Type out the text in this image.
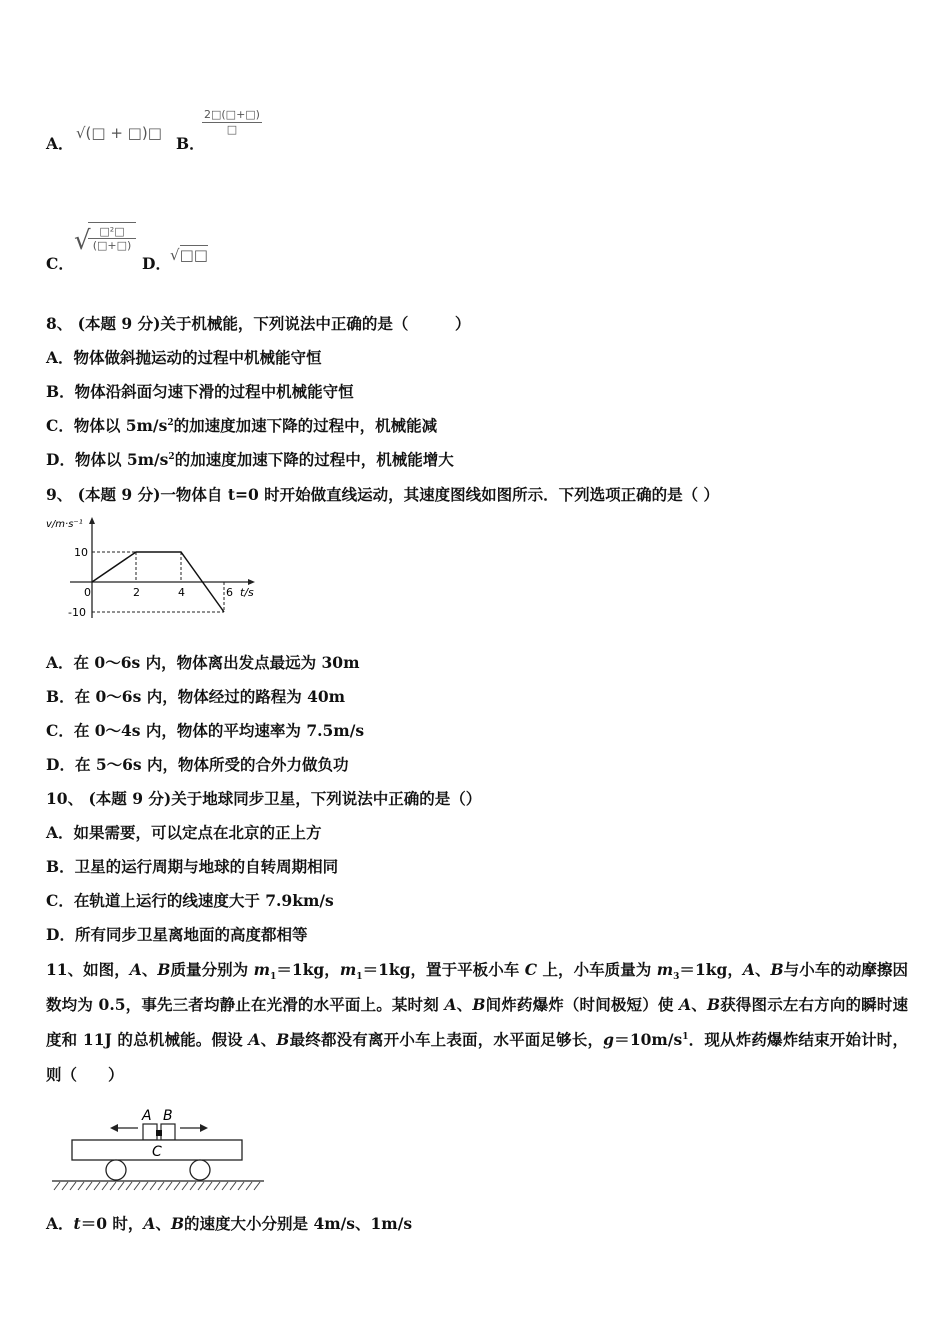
A．
√(□ + □)□
B．
2□(□+□)
□
C．
√ □²□
(□+□)
D． √□□
8、 (本题 9 分)关于机械能，下列说法中正确的是（　　　）
A．物体做斜抛运动的过程中机械能守恒
B．物体沿斜面匀速下滑的过程中机械能守恒
C．物体以 $5m/s^2$的加速度加速下降的过程中，机械能减
D．物体以 $5m/s^2$的加速度加速下降的过程中，机械能增大
9、 (本题 9 分)一物体自 t=0 时开始做直线运动，其速度图线如图所示．下列选项正确的是（ ）
v/m·s⁻¹
10
-10
0	2	4	6 t/s
A．在 0～6s 内，物体离出发点最远为 30m
B．在 0～6s 内，物体经过的路程为 40m
C．在 0～4s 内，物体的平均速率为 7.5m/s
D．在 5～6s 内，物体所受的合外力做负功
10、 (本题 9 分)关于地球同步卫星，下列说法中正确的是（）
A．如果需要，可以定点在北京的正上方
B．卫星的运行周期与地球的自转周期相同
C．在轨道上运行的线速度大于 7.9km/s
D．所有同步卫星离地面的高度都相等
11、如图，A、B质量分别为 $m_1=1kg$，$m_1=1kg$，置于平板小车 C 上，小车质量为 $m_3=1kg$，A、B与小车的动摩擦因数均为 0.5，事先三者均静止在光滑的水平面上。某时刻 A、B间炸药爆炸（时间极短）使 A、B获得图示左右方向的瞬时速度和 11J 的总机械能。假设 A、B最终都没有离开小车上表面，水平面足够长，$g=10m/s^1$．现从炸药爆炸结束开始计时，则（　　）
A B
C
A．t＝0 时，A、B的速度大小分别是 4m/s、1m/s
